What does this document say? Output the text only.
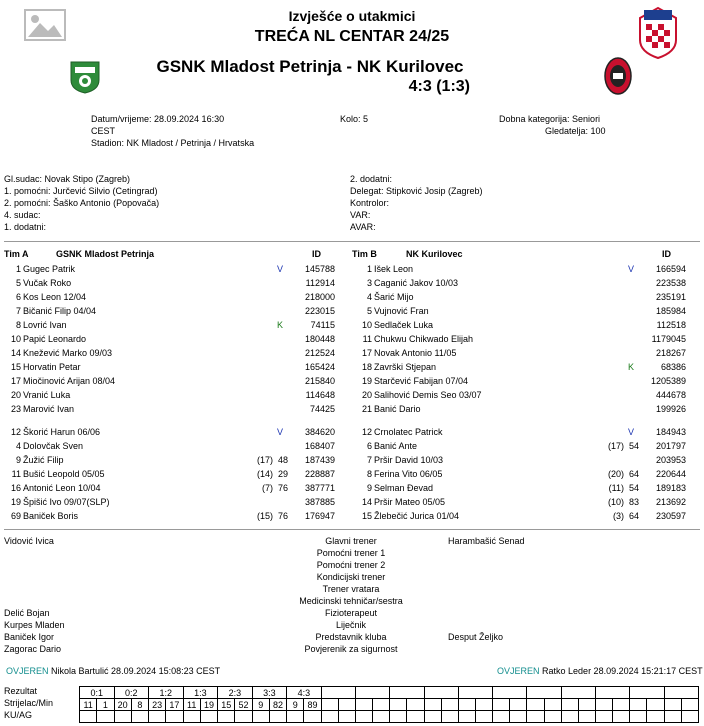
Izvješće o utakmici
TREĆA NL CENTAR 24/25
GSNK Mladost Petrinja - NK Kurilovec
4:3 (1:3)
Datum/vrijeme: 28.09.2024 16:30
CEST
Stadion: NK Mladost / Petrinja / Hrvatska
Kolo: 5	Dobna kategorija: Seniori
Gledatelja: 100
Gl.sudac: Novak Stipo (Zagreb)
1. pomoćni: Jurčević Silvio (Cetingrad)
2. pomoćni: Šaško Antonio (Popovača)
4. sudac:
1. dodatni:
2. dodatni:
Delegat: Stipković Josip (Zagreb)
Kontrolor:
VAR:
AVAR:
Tim A	GSNK Mladost Petrinja	ID	Tim B	NK Kurilovec	ID
1 Gugec Patrik	V	145788
5 Vučak Roko	112914
6 Kos Leon 12/04	218000
7 Bičanić Filip 04/04	223015
8 Lovrić Ivan	K	74115
10 Papić Leonardo	180448
14 Knežević Marko 09/03	212524
15 Horvatin Petar	165424
17 Miočinović Arijan 08/04	215840
20 Vranić Luka	114648
23 Marović Ivan	74425
12 Škorić Harun 06/06	V	384620
4 Dolovčak Sven	168407
9 Žužić Filip	(17)  48	187439
11 Bušić Leopold 05/05	(14)  29	228887
16 Antonić Leon 10/04	(7)  76	387771
19 Špišić Ivo 09/07(SLP)	387885
69 Baniček Boris	(15)  76	176947
1 Išek Leon	V	166594
3 Caganić Jakov 10/03	223538
4 Šarić Mijo	235191
5 Vujnović Fran	185984
10 Sedlaček Luka	112518
11 Chukwu Chikwado Elijah	1179045
17 Novak Antonio 11/05	218267
18 Završki Stjepan	K	68386
19 Starčević Fabijan 07/04	1205389
20 Salihović Demis Seo 03/07	444678
21 Banić Dario	199926
12 Crnolatec Patrick	V	184943
6 Banić Ante	(17)  54	201797
7 Pršir David 10/03	203953
8 Ferina Vito 06/05	(20)  64	220644
9 Selman Đevad	(11)  54	189183
14 Pršir Mateo 05/05	(10)  83	213692
15 Žlebečić Jurica 01/04	(3)  64	230597
Vidović Ivica	Glavni trener	Harambašić Senad
Pomoćni trener 1
Pomoćni trener 2
Kondicijski trener
Trener vratara
Medicinski tehničar/sestra
Delić Bojan	Fizioterapeut
Kurpes Mladen	Liječnik
Baniček Igor	Predstavnik kluba	Desput Željko
Zagorac Dario	Povjerenik za sigurnost
OVJEREN Nikola Bartulić 28.09.2024 15:08:23 CEST	OVJEREN Ratko Leder 28.09.2024 15:21:17 CEST
Rezultat
Strijelac/Min
KU/AG
0:1		0:2		1:2		1:3		2:3		3:3		4:3																							
11	1	20	8	23	17	11	19	15	52	9	82	9	89																						
